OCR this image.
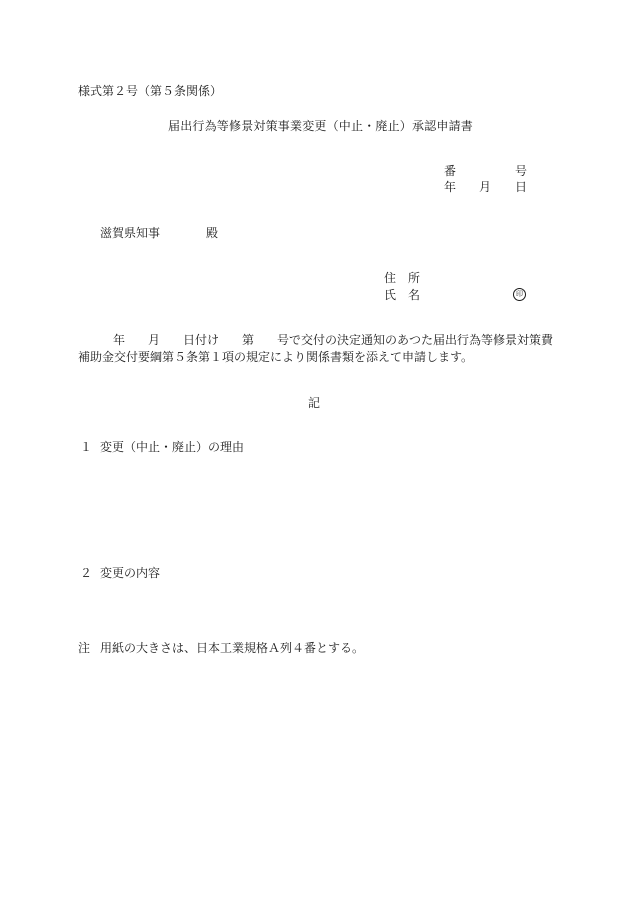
様式第２号（第５条関係）
届出行為等修景対策事業変更（中止・廃止）承認申請書
番	号
年 月 日
滋賀県知事	殿
住　所
氏　名	印
年 月 日付け 第 号で交付の決定通知のあつた届出行為等修景対策費
補助金交付要綱第５条第１項の規定により関係書類を添えて申請します。
記
１ 変更（中止・廃止）の理由
２ 変更の内容
注 用紙の大きさは、日本工業規格Ａ列４番とする。
